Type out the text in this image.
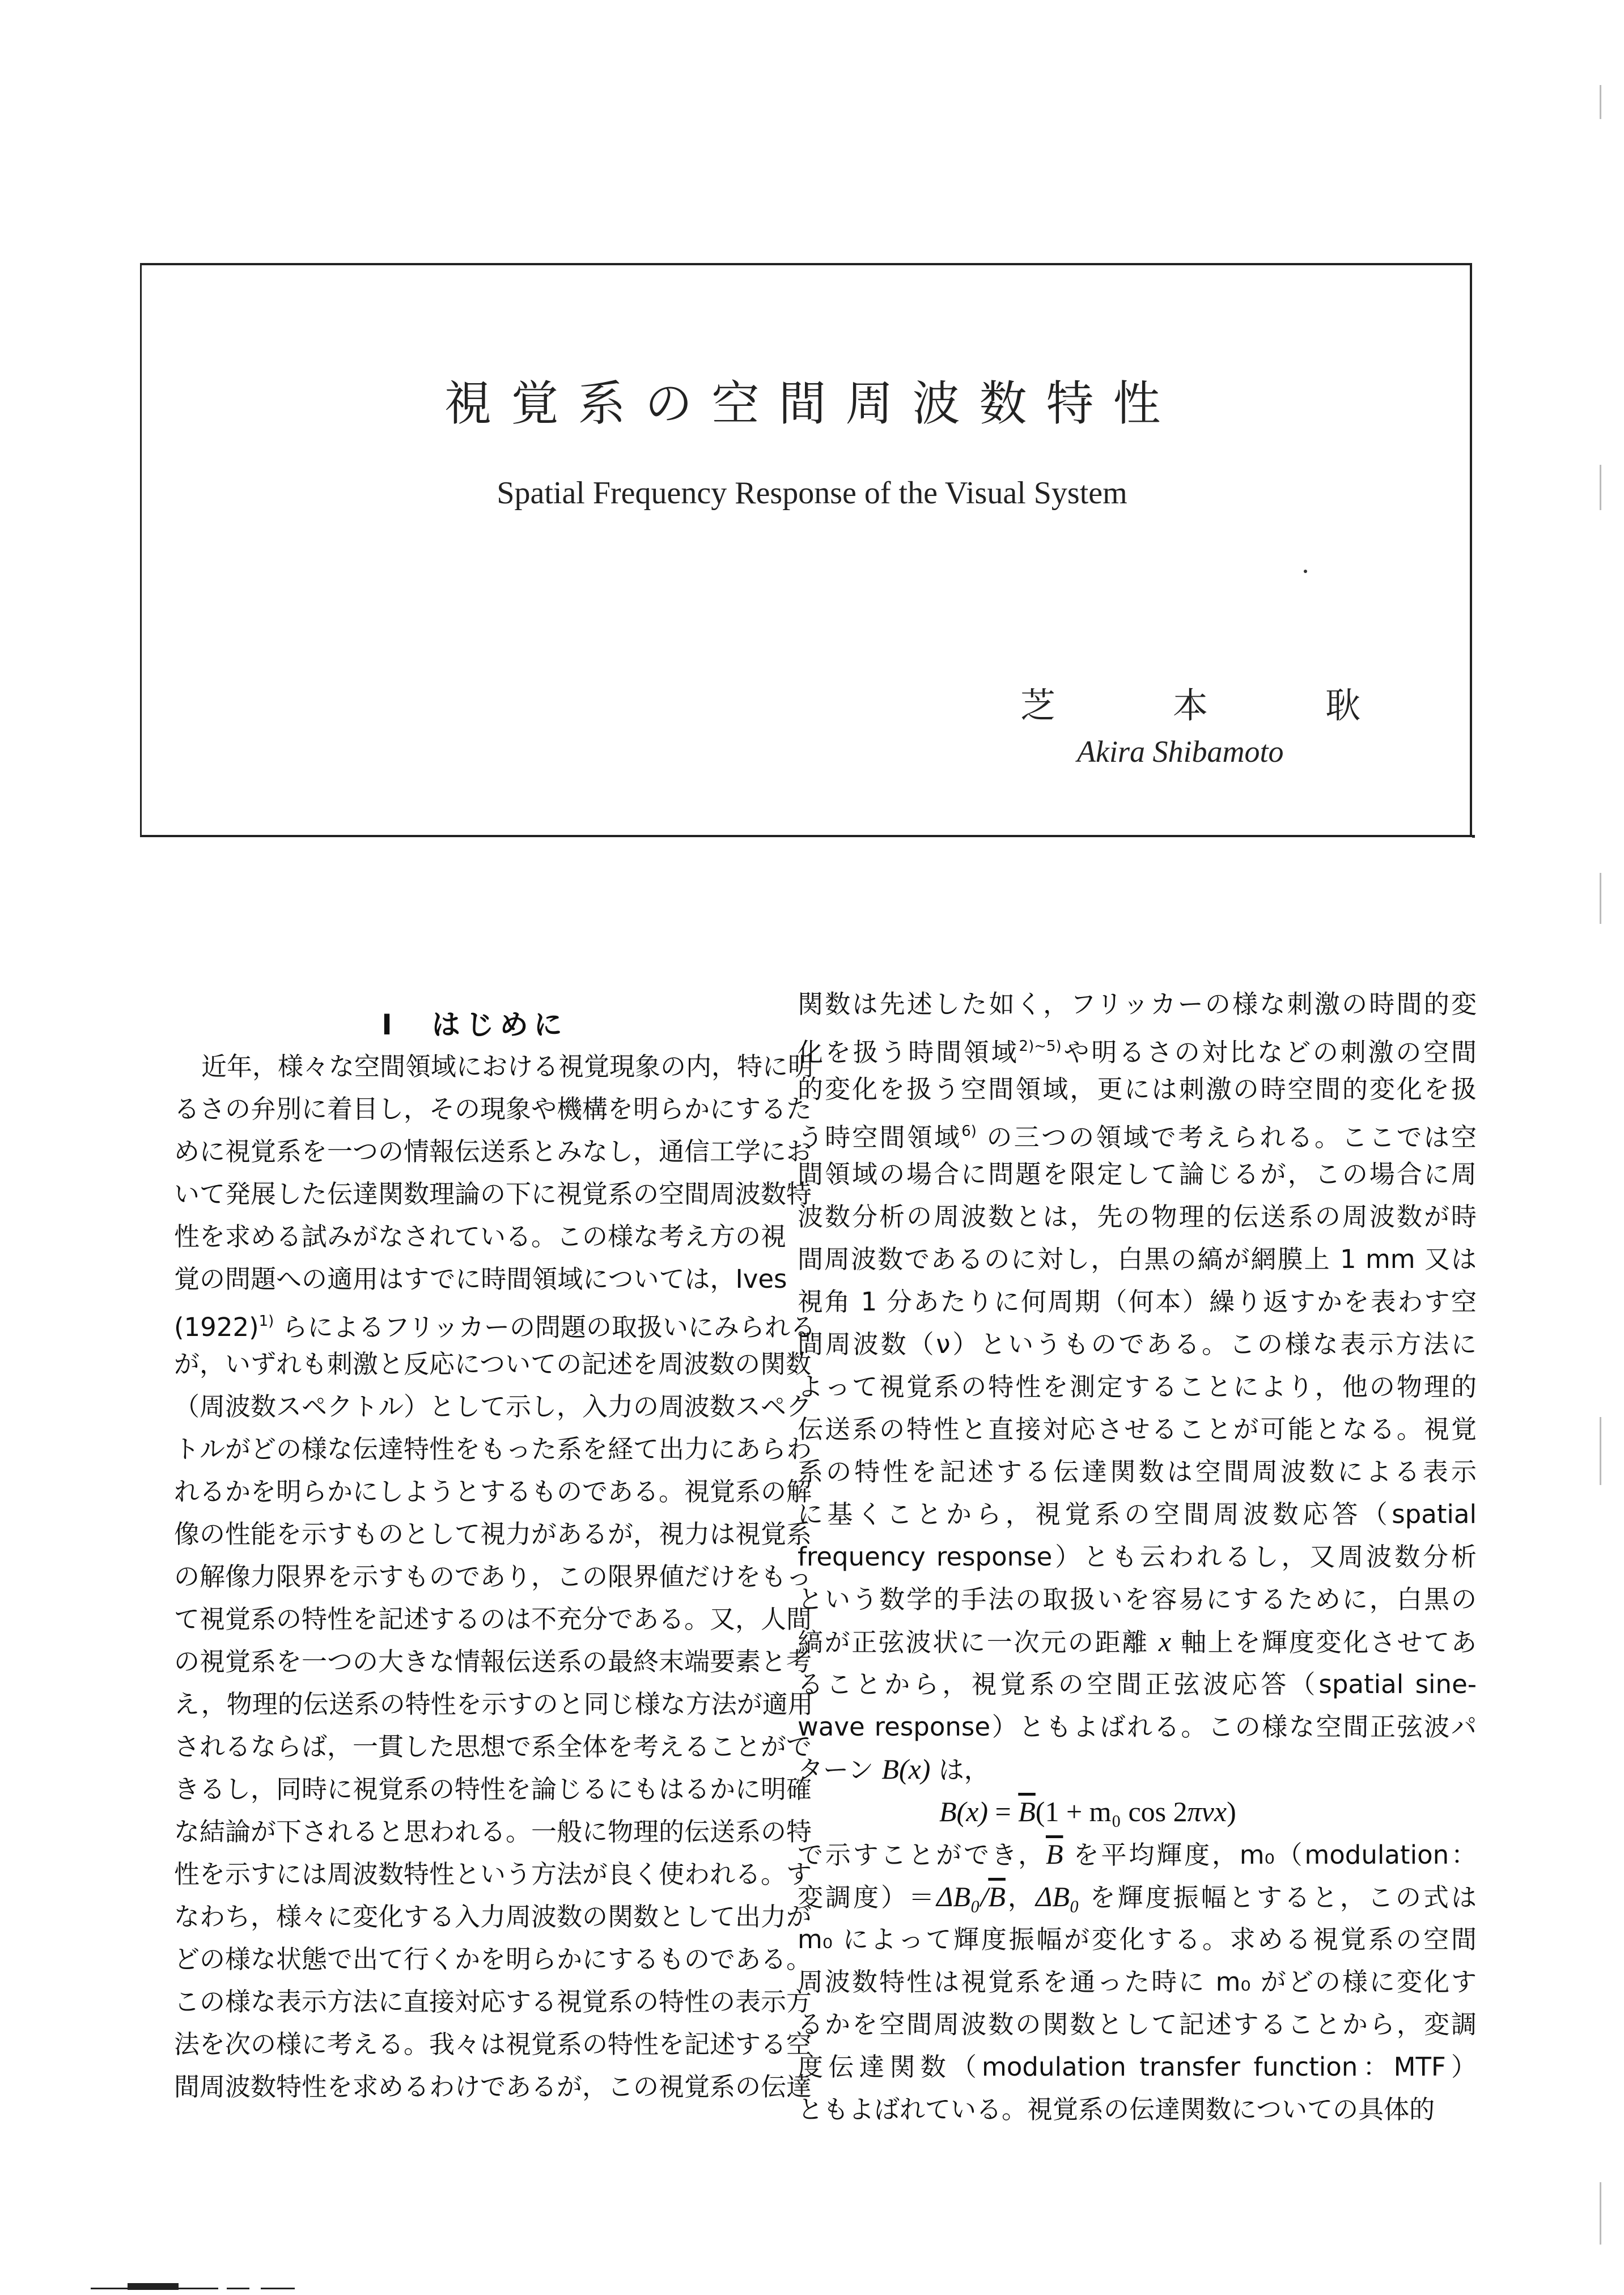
視覚系の空間周波数特性
Spatial Frequency Response of the Visual System
芝	本	耿
Akira Shibamoto
I　はじめに
近年，様々な空間領域における視覚現象の内，特に明
るさの弁別に着目し，その現象や機構を明らかにするた
めに視覚系を一つの情報伝送系とみなし，通信工学にお
いて発展した伝達関数理論の下に視覚系の空間周波数特
性を求める試みがなされている。この様な考え方の視
覚の問題への適用はすでに時間領域については，Ives
$(1922)^{1)}$ らによるフリッカーの問題の取扱いにみられる
が，いずれも刺激と反応についての記述を周波数の関数
（周波数スペクトル）として示し，入力の周波数スペク
トルがどの様な伝達特性をもった系を経て出力にあらわ
れるかを明らかにしようとするものである。視覚系の解
像の性能を示すものとして視力があるが，視力は視覚系
の解像力限界を示すものであり，この限界値だけをもっ
て視覚系の特性を記述するのは不充分である。又，人間
の視覚系を一つの大きな情報伝送系の最終末端要素と考
え，物理的伝送系の特性を示すのと同じ様な方法が適用
されるならば，一貫した思想で系全体を考えることがで
きるし，同時に視覚系の特性を論じるにもはるかに明確
な結論が下されると思われる。一般に物理的伝送系の特
性を示すには周波数特性という方法が良く使われる。す
なわち，様々に変化する入力周波数の関数として出力が
どの様な状態で出て行くかを明らかにするものである。
この様な表示方法に直接対応する視覚系の特性の表示方
法を次の様に考える。我々は視覚系の特性を記述する空
間周波数特性を求めるわけであるが，この視覚系の伝達
関数は先述した如く，フリッカーの様な刺激の時間的変
化を扱う時間領域$^{2)\sim 5)}$や明るさの対比などの刺激の空間
的変化を扱う空間領域，更には刺激の時空間的変化を扱
う時空間領域$^{6)}$ の三つの領域で考えられる。ここでは空
間領域の場合に問題を限定して論じるが，この場合に周
波数分析の周波数とは，先の物理的伝送系の周波数が時
間周波数であるのに対し，白黒の縞が網膜上 1 mm 又は
視角 1 分あたりに何周期（何本）繰り返すかを表わす空
間周波数（ν）というものである。この様な表示方法に
よって視覚系の特性を測定することにより，他の物理的
伝送系の特性と直接対応させることが可能となる。視覚
系の特性を記述する伝達関数は空間周波数による表示
に基くことから，視覚系の空間周波数応答（spatial
frequency response）とも云われるし，又周波数分析
という数学的手法の取扱いを容易にするために，白黒の
縞が正弦波状に一次元の距離 x 軸上を輝度変化させてあ
ることから，視覚系の空間正弦波応答（spatial sine-
wave response）ともよばれる。この様な空間正弦波パ
ターン B(x) は，
$B(x) = \overline{B}(1 + m_0$ cos 2πνx)
で示すことができ，$\overline{B}$ を平均輝度，m₀（modulation：
変調度）$=\Delta B_0/\overline{B}$，ΔB₀ を輝度振幅とすると，この式は
m₀ によって輝度振幅が変化する。求める視覚系の空間
周波数特性は視覚系を通った時に m₀ がどの様に変化す
るかを空間周波数の関数として記述することから，変調
度伝達関数（modulation transfer function：MTF）
ともよばれている。視覚系の伝達関数についての具体的
